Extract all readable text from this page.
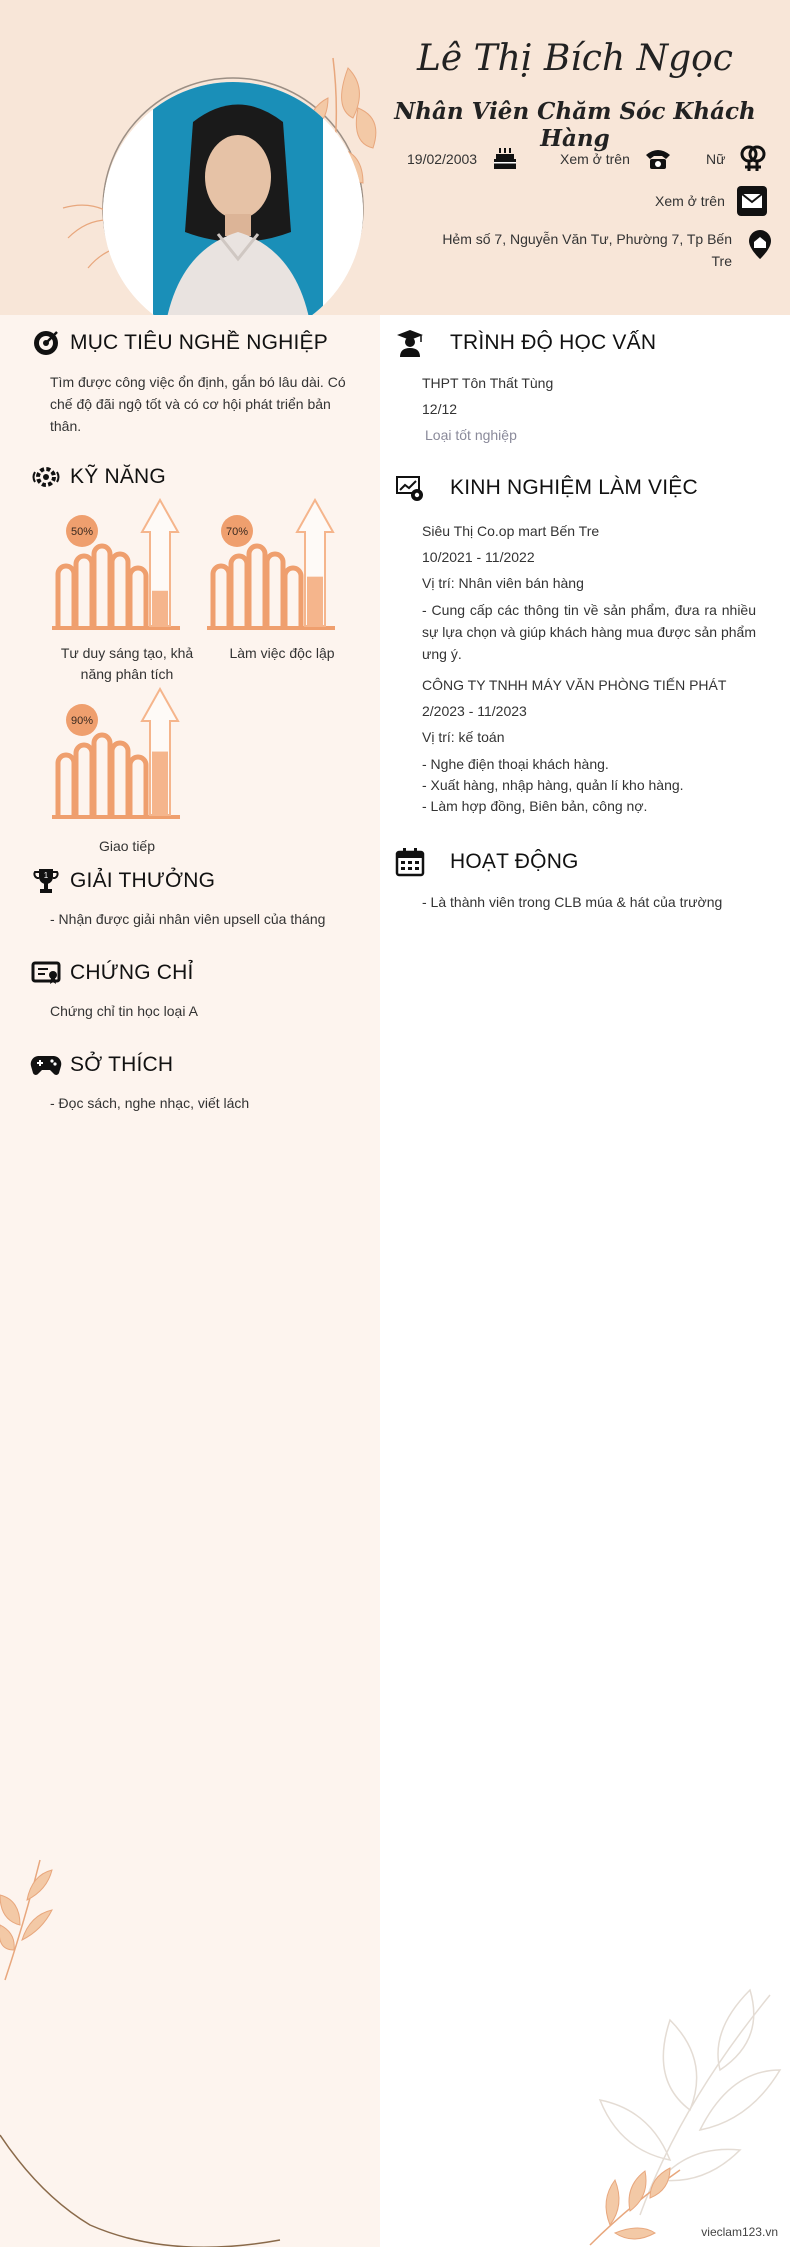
Lê Thị Bích Ngọc
Nhân Viên Chăm Sóc Khách Hàng
19/02/2003	Xem ở trên	Nữ
Xem ở trên
Hẻm số 7, Nguyễn Văn Tư, Phường 7, Tp Bến Tre
MỤC TIÊU NGHỀ NGHIỆP
Tìm được công việc ổn định, gắn bó lâu dài. Có chế độ đãi ngộ tốt và có cơ hội phát triển bản thân.
KỸ NĂNG
50%
Tư duy sáng tạo, khả năng phân tích
70%
Làm việc độc lập
90%
Giao tiếp
1 GIẢI THƯỞNG
- Nhận được giải nhân viên upsell của tháng
CHỨNG CHỈ
Chứng chỉ tin học loại A
SỞ THÍCH
- Đọc sách, nghe nhạc, viết lách
TRÌNH ĐỘ HỌC VẤN
THPT Tôn Thất Tùng
12/12
Loại tốt nghiệp
KINH NGHIỆM LÀM VIỆC
Siêu Thị Co.op mart Bến Tre
10/2021 - 11/2022
Vị trí: Nhân viên bán hàng
- Cung cấp các thông tin về sản phẩm, đưa ra nhiều sự lựa chọn và giúp khách hàng mua được sản phẩm ưng ý.
CÔNG TY TNHH MÁY VĂN PHÒNG TIẾN PHÁT
2/2023 - 11/2023
Vị trí: kế toán
- Nghe điện thoại khách hàng.
- Xuất hàng, nhập hàng, quản lí kho hàng.
- Làm hợp đồng, Biên bản, công nợ.
HOẠT ĐỘNG
- Là thành viên trong CLB múa & hát của trường
vieclam123.vn
